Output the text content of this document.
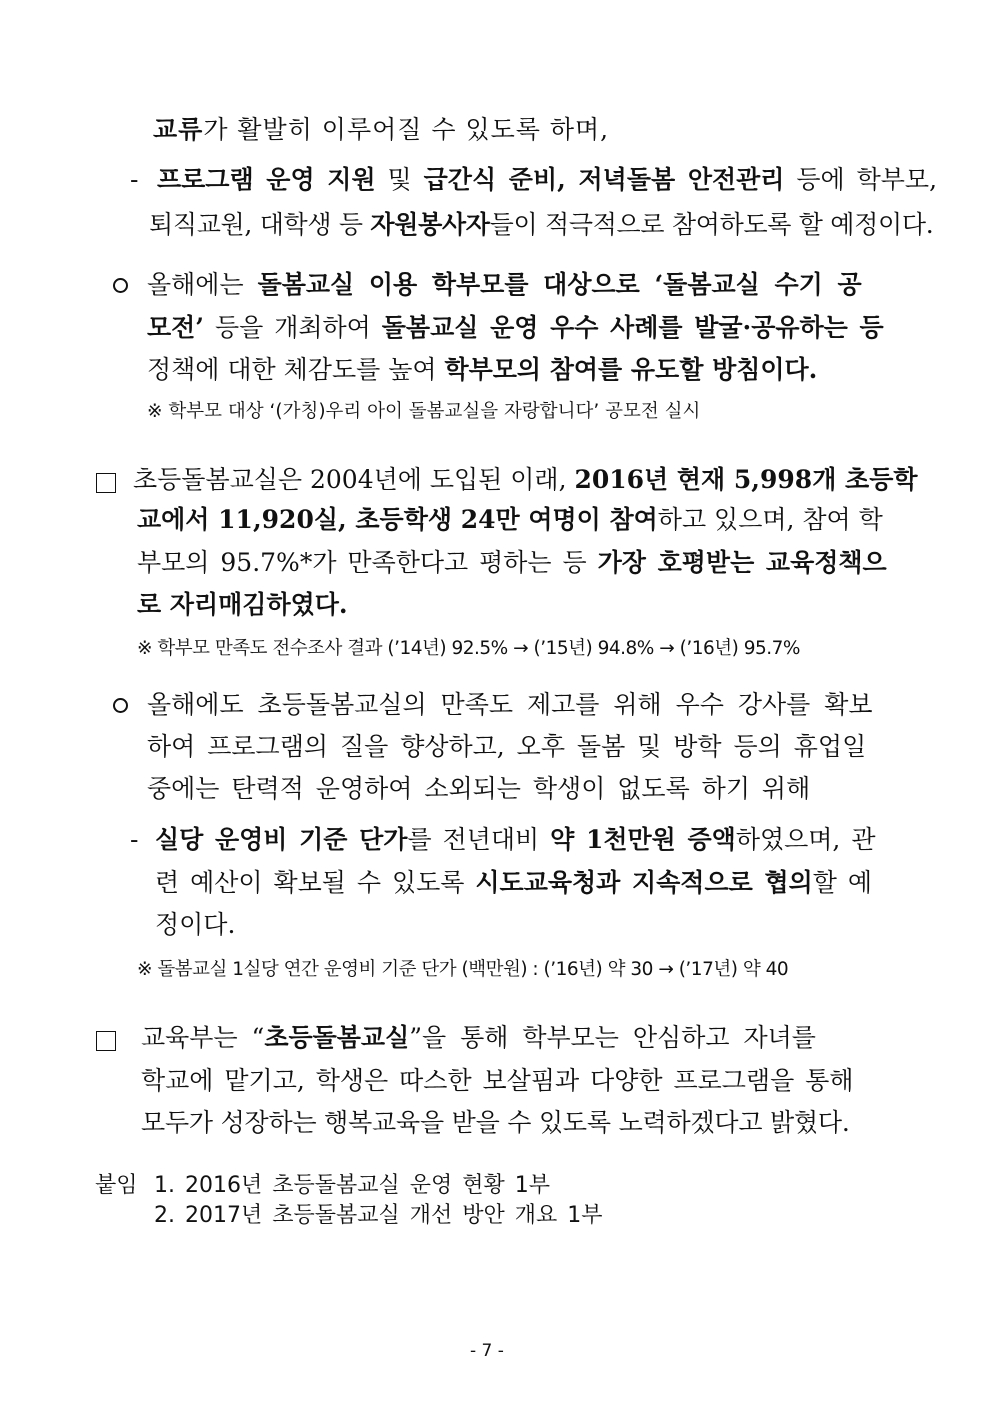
교류가 활발히 이루어질 수 있도록 하며,
- 프로그램 운영 지원 및 급간식 준비, 저녁돌봄 안전관리 등에 학부모,
퇴직교원, 대학생 등 자원봉사자들이 적극적으로 참여하도록 할 예정이다.
올해에는 돌봄교실 이용 학부모를 대상으로 ‘돌봄교실 수기 공
모전’ 등을 개최하여 돌봄교실 운영 우수 사례를 발굴·공유하는 등
정책에 대한 체감도를 높여 학부모의 참여를 유도할 방침이다.
※ 학부모 대상 ‘(가칭)우리 아이 돌봄교실을 자랑합니다’ 공모전 실시
초등돌봄교실은 2004년에 도입된 이래, 2016년 현재 5,998개 초등학
교에서 11,920실, 초등학생 24만 여명이 참여하고 있으며, 참여 학
부모의 95.7%*가 만족한다고 평하는 등 가장 호평받는 교육정책으
로 자리매김하였다.
※ 학부모 만족도 전수조사 결과 (’14년) 92.5% → (’15년) 94.8% → (’16년) 95.7%
올해에도 초등돌봄교실의 만족도 제고를 위해 우수 강사를 확보
하여 프로그램의 질을 향상하고, 오후 돌봄 및 방학 등의 휴업일
중에는 탄력적 운영하여 소외되는 학생이 없도록 하기 위해
- 실당 운영비 기준 단가를 전년대비 약 1천만원 증액하였으며, 관
련 예산이 확보될 수 있도록 시도교육청과 지속적으로 협의할 예
정이다.
※ 돌봄교실 1실당 연간 운영비 기준 단가 (백만원) : (’16년) 약 30 → (’17년) 약 40
교육부는 “초등돌봄교실”을 통해 학부모는 안심하고 자녀를
학교에 맡기고, 학생은 따스한 보살핌과 다양한 프로그램을 통해
모두가 성장하는 행복교육을 받을 수 있도록 노력하겠다고 밝혔다.
붙임 1. 2016년 초등돌봄교실 운영 현황 1부
2. 2017년 초등돌봄교실 개선 방안 개요 1부
- 7 -
